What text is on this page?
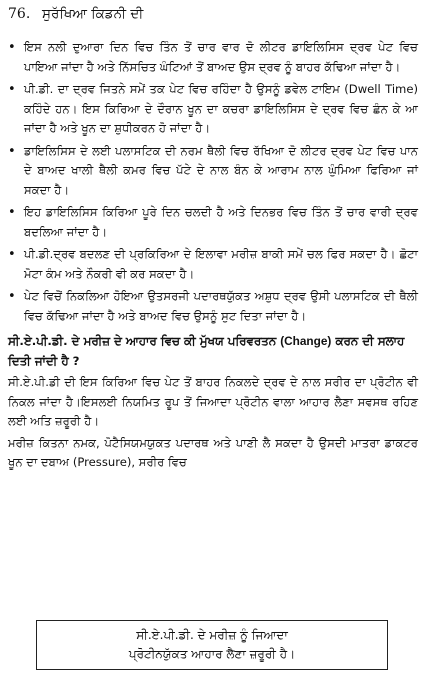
76. ਸੁਰੱਖਿਆ ਕਿਡਨੀ ਦੀ
• ਇਸ ਨਲੀ ਦੁਆਰਾ ਦਿਨ ਵਿਚ ਤਿੰਨ ਤੋਂ ਚਾਰ ਵਾਰ ਦੋ ਲੀਟਰ ਡਾਇਲਿਸਿਸ ਦ੍ਰਵ ਪੇਟ ਵਿਚ ਪਾਇਆ ਜਾਂਦਾ ਹੈ ਅਤੇ ਨਿੱਸਚਿਤ ਘੰਟਿਆਂ ਤੋਂ ਬਾਅਦ ਉਸ ਦ੍ਰਵ ਨੂੰ ਬਾਹਰ ਕੱਢਿਆ ਜਾਂਦਾ ਹੈ।
• ਪੀ.ਡੀ. ਦਾ ਦ੍ਰਵ ਜਿਤਨੇ ਸਮੇਂ ਤਕ ਪੇਟ ਵਿਚ ਰਹਿੰਦਾ ਹੈ ਉਸਨੂੰ ਡਵੇਲ ਟਾਇਮ (Dwell Time) ਕਹਿੰਦੇ ਹਨ। ਇਸ ਕਿਰਿਆ ਦੇ ਦੌਰਾਨ ਖੂਨ ਦਾ ਕਚਰਾ ਡਾਇਲਿਸਿਸ ਦੇ ਦ੍ਰਵ ਵਿਚ ਛੰਨ ਕੇ ਆ ਜਾਂਦਾ ਹੈ ਅਤੇ ਖੂਨ ਦਾ ਸ਼ੁਧੀਕਰਨ ਹੋ ਜਾਂਦਾ ਹੈ।
• ਡਾਇਲਿਸਿਸ ਦੇ ਲਈ ਪਲਾਸਟਿਕ ਦੀ ਨਰਮ ਥੈਲੀ ਵਿਚ ਰੱਖਿਆ ਦੋ ਲੀਟਰ ਦ੍ਰਵ ਪੇਟ ਵਿਚ ਪਾਨ ਦੇ ਬਾਅਦ ਖਾਲੀ ਥੈਲੀ ਕਮਰ ਵਿਚ ਪੱਟੇ ਦੇ ਨਾਲ ਬੰਨ ਕੇ ਆਰਾਮ ਨਾਲ ਘੁੰਮਿਆ ਫਿਰਿਆ ਜਾਂ ਸਕਦਾ ਹੈ।
• ਇਹ ਡਾਇਲਿਸਿਸ ਕਿਰਿਆ ਪੂਰੇ ਦਿਨ ਚਲਦੀ ਹੈ ਅਤੇ ਦਿਨਭਰ ਵਿਚ ਤਿੰਨ ਤੋਂ ਚਾਰ ਵਾਰੀ ਦ੍ਰਵ ਬਦਲਿਆ ਜਾਂਦਾ ਹੈ।
• ਪੀ.ਡੀ.ਦ੍ਰਵ ਬਦਲਣ ਦੀ ਪ੍ਰਕਿਰਿਆ ਦੇ ਇਲਾਵਾ ਮਰੀਜ਼ ਬਾਕੀ ਸਮੇਂ ਚਲ ਫਿਰ ਸਕਦਾ ਹੈ। ਛੋਟਾ ਮੋਟਾ ਕੰਮ ਅਤੇ ਨੌਕਰੀ ਵੀ ਕਰ ਸਕਦਾ ਹੈ।
• ਪੇਟ ਵਿਚੋਂ ਨਿਕਲਿਆ ਹੋਇਆ ਉਤਸਰਜੀ ਪਦਾਰਥਯੁੱਕਤ ਅਸ਼ੁਧ ਦ੍ਰਵ ਉਸੀ ਪਲਾਸਟਿਕ ਦੀ ਥੈਲੀ ਵਿਚ ਕੱਢਿਆ ਜਾਂਦਾ ਹੈ ਅਤੇ ਬਾਅਦ ਵਿਚ ਉਸਨੂੰ ਸੁਟ ਦਿਤਾ ਜਾਂਦਾ ਹੈ।
ਸੀ.ਏ.ਪੀ.ਡੀ. ਦੇ ਮਰੀਜ਼ ਦੇ ਆਹਾਰ ਵਿਚ ਕੀ ਮੁੱਖਯ ਪਰਿਵਰਤਨ (Change) ਕਰਨ ਦੀ ਸਲਾਹ ਦਿਤੀ ਜਾਂਦੀ ਹੈ ?
ਸੀ.ਏ.ਪੀ.ਡੀ ਦੀ ਇਸ ਕਿਰਿਆ ਵਿਚ ਪੇਟ ਤੋਂ ਬਾਹਰ ਨਿਕਲਦੇ ਦ੍ਰਵ ਦੇ ਨਾਲ ਸਰੀਰ ਦਾ ਪ੍ਰੋਟੀਨ ਵੀ ਨਿਕਲ ਜਾਂਦਾ ਹੈ।ਇਸਲਈ ਨਿਯਮਿਤ ਰੂਪ ਤੋਂ ਜਿਆਦਾ ਪ੍ਰੋਟੀਨ ਵਾਲਾ ਆਹਾਰ ਲੈਣਾ ਸਵਸਥ ਰਹਿਣ ਲਈ ਅਤਿ ਜ਼ਰੂਰੀ ਹੈ।
ਮਰੀਜ਼ ਕਿਤਨਾ ਨਮਕ, ਪੋਟੈਸਿਯਮਯੁਕਤ ਪਦਾਰਥ ਅਤੇ ਪਾਣੀ ਲੈ ਸਕਦਾ ਹੈ ਉਸਦੀ ਮਾਤਰਾ ਡਾਕਟਰ ਖੂਨ ਦਾ ਦਬਾਅ (Pressure), ਸਰੀਰ ਵਿਚ
ਸੀ.ਏ.ਪੀ.ਡੀ. ਦੇ ਮਰੀਜ਼ ਨੂੰ ਜਿਆਦਾ
ਪ੍ਰੋਟੀਨਯੁੱਕਤ ਆਹਾਰ ਲੈਣਾ ਜ਼ਰੂਰੀ ਹੈ।
